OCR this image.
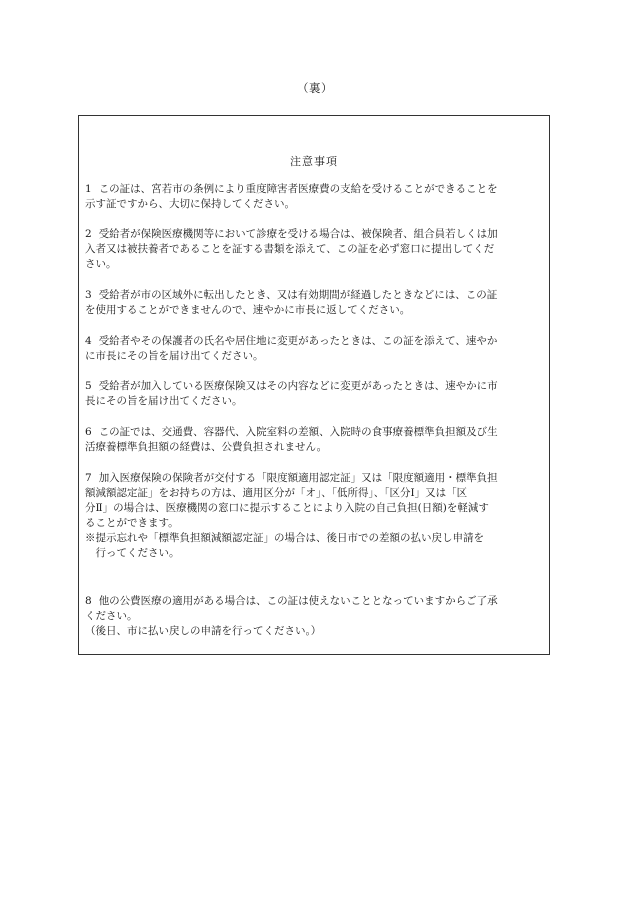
（裏）
注意事項
1 この証は、宮若市の条例により重度障害者医療費の支給を受けることができることを
示す証ですから、大切に保持してください。
2 受給者が保険医療機関等において診療を受ける場合は、被保険者、組合員若しくは加
入者又は被扶養者であることを証する書類を添えて、この証を必ず窓口に提出してくだ
さい。
3 受給者が市の区域外に転出したとき、又は有効期間が経過したときなどには、この証
を使用することができませんので、速やかに市長に返してください。
4 受給者やその保護者の氏名や居住地に変更があったときは、この証を添えて、速やか
に市長にその旨を届け出てください。
5 受給者が加入している医療保険又はその内容などに変更があったときは、速やかに市
長にその旨を届け出てください。
6 この証では、交通費、容器代、入院室料の差額、入院時の食事療養標準負担額及び生
活療養標準負担額の経費は、公費負担されません。
7 加入医療保険の保険者が交付する「限度額適用認定証」又は「限度額適用・標準負担
額減額認定証」をお持ちの方は、適用区分が「オ」、「低所得」、「区分Ⅰ」又は「区
分Ⅱ」の場合は、医療機関の窓口に提示することにより入院の自己負担(日額)を軽減す
ることができます。
※提示忘れや「標準負担額減額認定証」の場合は、後日市での差額の払い戻し申請を
　行ってください。
8 他の公費医療の適用がある場合は、この証は使えないこととなっていますからご了承
ください。
（後日、市に払い戻しの申請を行ってください。）
